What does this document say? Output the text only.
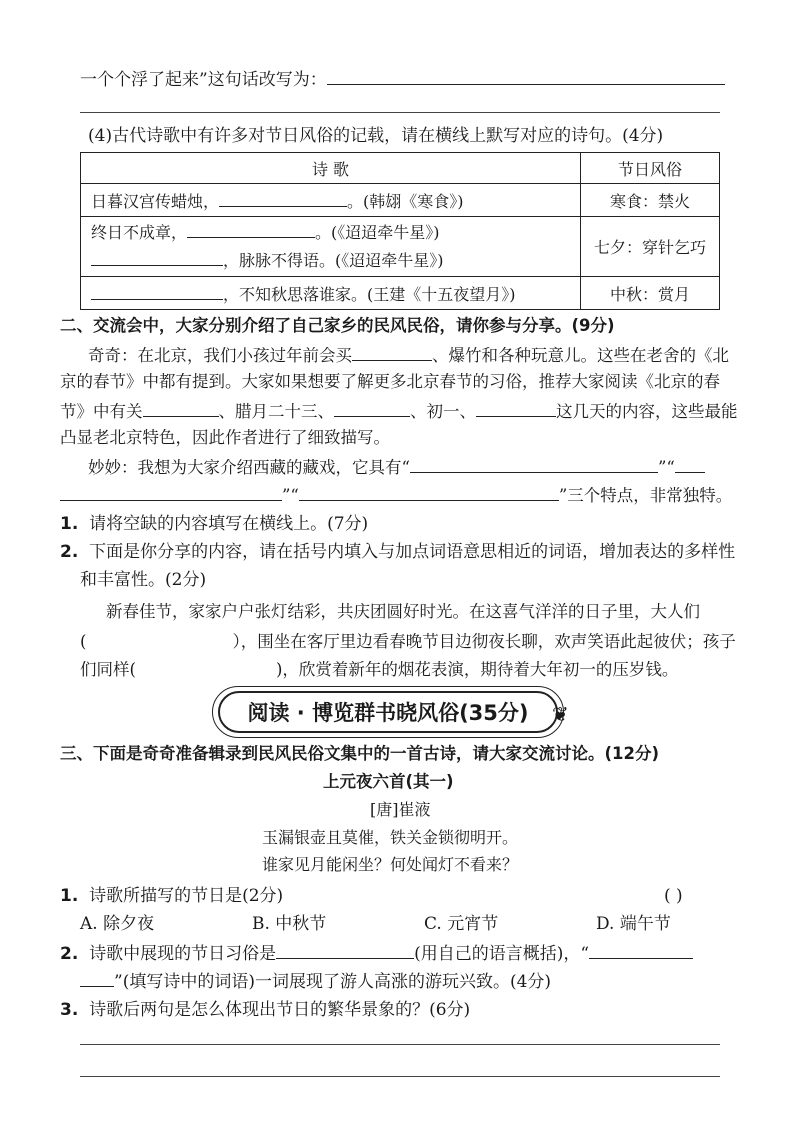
一个个浮了起来”这句话改写为：
(4)古代诗歌中有许多对节日风俗的记载，请在横线上默写对应的诗句。(4分)
诗 歌	节日风俗
日暮汉宫传蜡烛， 。(韩翃《寒食》)	寒食：禁火

终日不成章， 。(《迢迢牵牛星》)
，脉脉不得语。(《迢迢牵牛星》)	七夕：穿针乞巧
，不知秋思落谁家。(王建《十五夜望月》)	中秋：赏月
二、交流会中，大家分别介绍了自己家乡的民风民俗，请你参与分享。(9分)
奇奇：在北京，我们小孩过年前会买	、爆竹和各种玩意儿。这些在老舍的《北
京的春节》中都有提到。大家如果想要了解更多北京春节的习俗，推荐大家阅读《北京的春
节》中有关	、腊月二十三、	、初一、	这几天的内容，这些最能
凸显老北京特色，因此作者进行了细致描写。
妙妙：我想为大家介绍西藏的藏戏，它具有“	”“
”“	”三个特点，非常独特。
1. 请将空缺的内容填写在横线上。(7分)
2. 下面是你分享的内容，请在括号内填入与加点词语意思相近的词语，增加表达的多样性
和丰富性。(2分)
新春佳节，家家户户张灯结彩，共庆团圆好时光。在这喜气洋洋的日子里，大人们
(	），围坐在客厅里边看春晚节目边彻夜长聊，欢声笑语此起彼伏；孩子
们同样(	)，欣赏着新年的烟花表演，期待着大年初一的压岁钱。
阅读 · 博览群书晓风俗(35分)	❦
三、下面是奇奇准备辑录到民风民俗文集中的一首古诗，请大家交流讨论。(12分)
上元夜六首(其一)
[唐]崔液
玉漏银壶且莫催，铁关金锁彻明开。
谁家见月能闲坐？何处闻灯不看来？
1. 诗歌所描写的节日是(2分)	( )
A. 除夕夜	B. 中秋节	C. 元宵节	D. 端午节
2. 诗歌中展现的节日习俗是	(用自己的语言概括)，“
”(填写诗中的词语)一词展现了游人高涨的游玩兴致。(4分)
3. 诗歌后两句是怎么体现出节日的繁华景象的？(6分)
